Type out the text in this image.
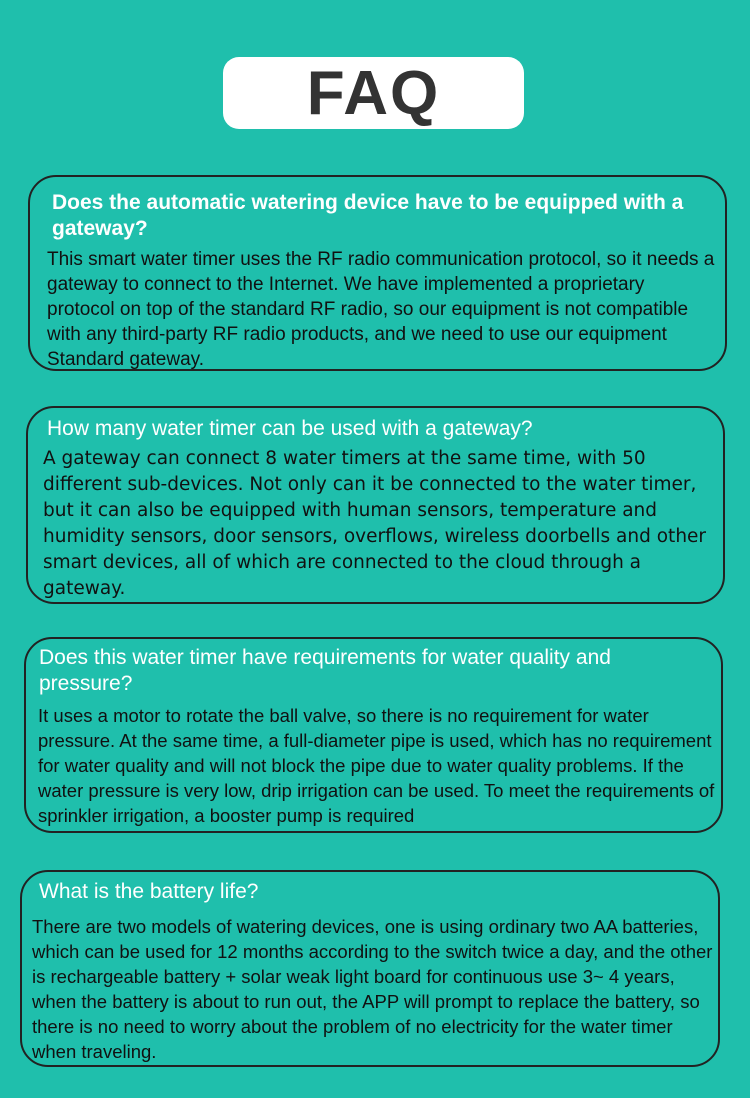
FAQ

Does the automatic watering device have to be equipped with a gateway?

This smart water timer uses the RF radio communication protocol, so it needs a gateway to connect to the Internet. We have implemented a proprietary protocol on top of the standard RF radio, so our equipment is not compatible with any third-party RF radio products, and we need to use our equipment Standard gateway.

How many water timer can be used with a gateway?

A gateway can connect 8 water timers at the same time, with 50 different sub-devices. Not only can it be connected to the water timer, but it can also be equipped with human sensors, temperature and humidity sensors, door sensors, overflows, wireless doorbells and other smart devices, all of which are connected to the cloud through a gateway.

Does this water timer have requirements for water quality and pressure?

It uses a motor to rotate the ball valve, so there is no requirement for water pressure. At the same time, a full-diameter pipe is used, which has no requirement for water quality and will not block the pipe due to water quality problems. If the water pressure is very low, drip irrigation can be used. To meet the requirements of sprinkler irrigation, a booster pump is required

What is the battery life?

There are two models of watering devices, one is using ordinary two AA batteries, which can be used for 12 months according to the switch twice a day, and the other is rechargeable battery + solar weak light board for continuous use 3~ 4 years, when the battery is about to run out, the APP will prompt to replace the battery, so there is no need to worry about the problem of no electricity for the water timer when traveling.
